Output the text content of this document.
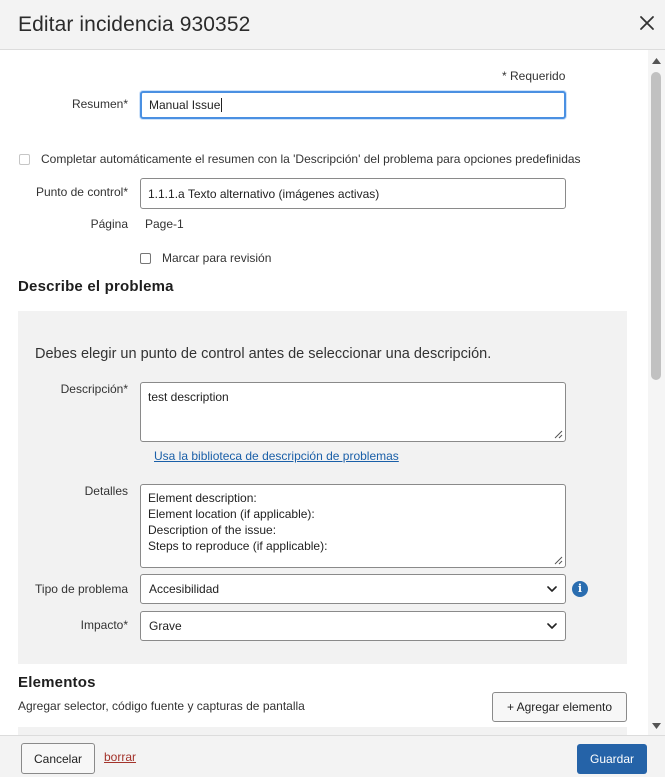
Editar incidencia 930352
* Requerido
Resumen* Manual Issue
Completar automáticamente el resumen con la 'Descripción' del problema para opciones predefinidas
Punto de control* 1.1.1.a Texto alternativo (imágenes activas)
Página Page-1
Marcar para revisión
Describe el problema
Debes elegir un punto de control antes de seleccionar una descripción.
Descripción*
test description
Usa la biblioteca de descripción de problemas
Detalles Element description:
Element location (if applicable):
Description of the issue:
Steps to reproduce (if applicable):
Tipo de problema Accesibilidad	i
Impacto* Grave
Elementos
Agregar selector, código fuente y capturas de pantalla	+ Agregar elemento
Cancelar	borrar	Guardar
